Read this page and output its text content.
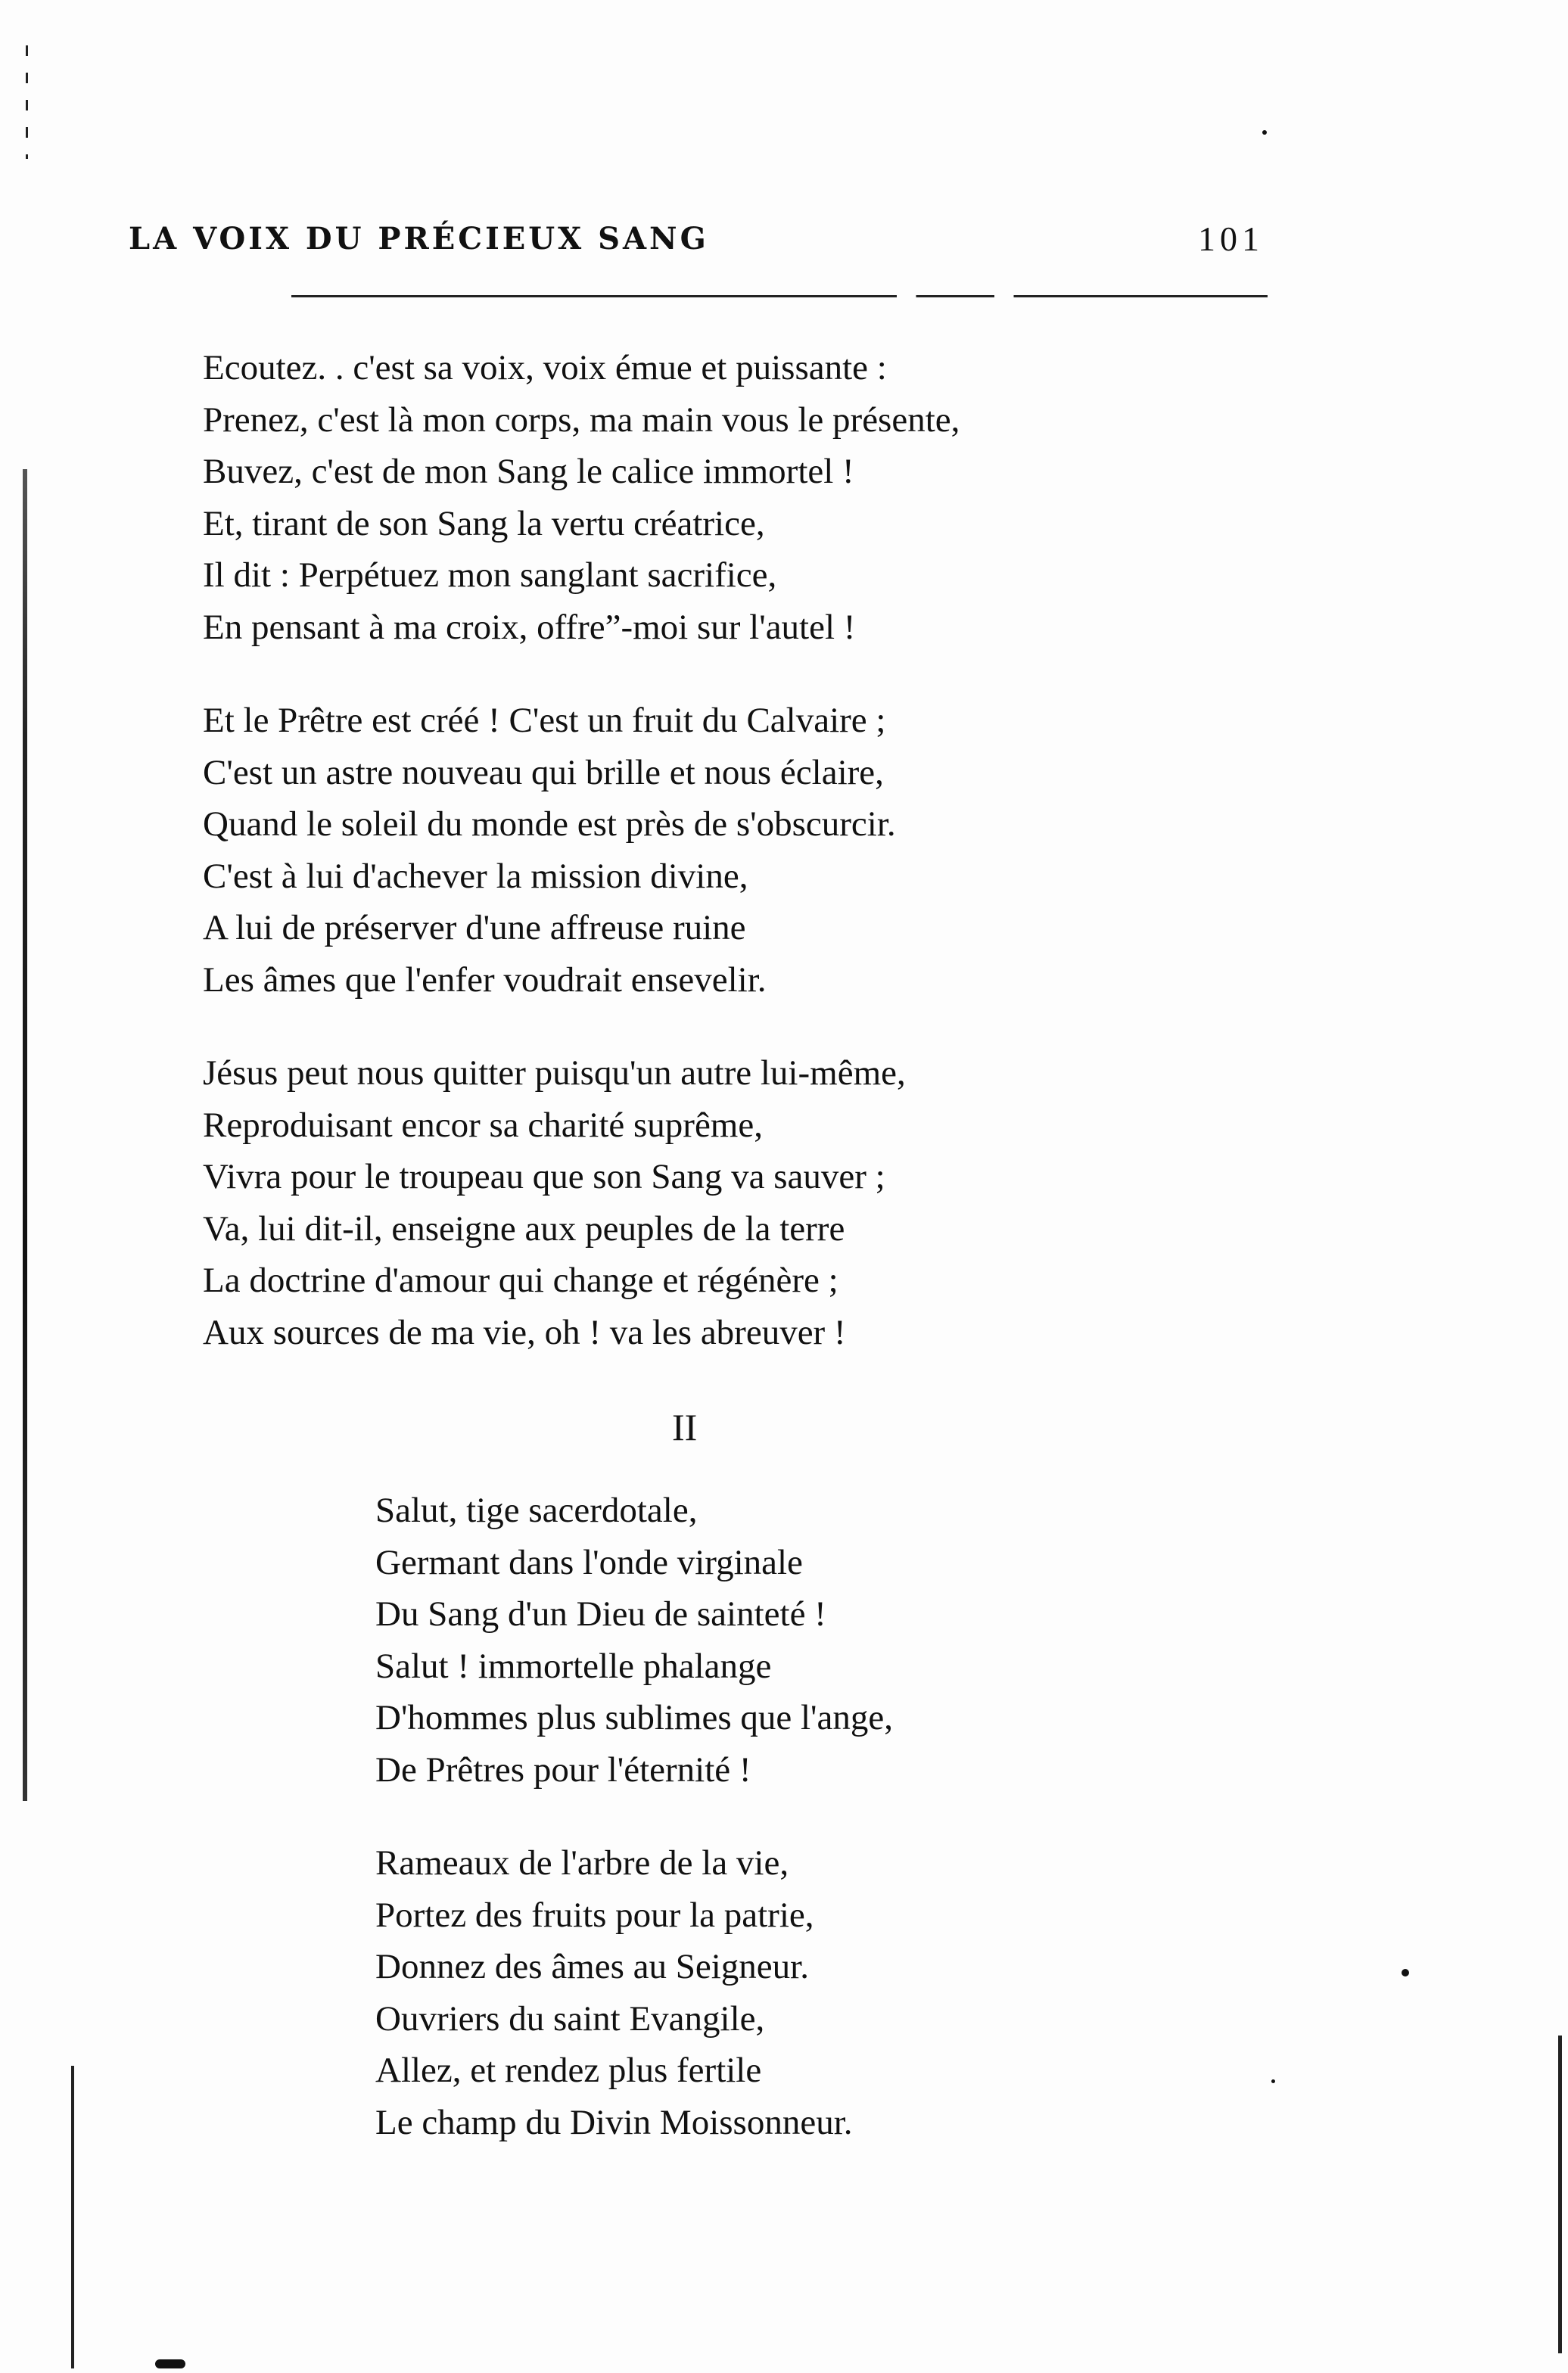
LA VOIX DU PRÉCIEUX SANG	101
Ecoutez. . c'est sa voix, voix émue et puissante :
Prenez, c'est là mon corps, ma main vous le présente,
Buvez, c'est de mon Sang le calice immortel !
Et, tirant de son Sang la vertu créatrice,
Il dit : Perpétuez mon sanglant sacrifice,
En pensant à ma croix, offreˮ-moi sur l'autel !
Et le Prêtre est créé ! C'est un fruit du Calvaire ;
C'est un astre nouveau qui brille et nous éclaire,
Quand le soleil du monde est près de s'obscurcir.
C'est à lui d'achever la mission divine,
A lui de préserver d'une affreuse ruine
Les âmes que l'enfer voudrait ensevelir.
Jésus peut nous quitter puisqu'un autre lui-même,
Reproduisant encor sa charité suprême,
Vivra pour le troupeau que son Sang va sauver ;
Va, lui dit-il, enseigne aux peuples de la terre
La doctrine d'amour qui change et régénère ;
Aux sources de ma vie, oh ! va les abreuver !
II
Salut, tige sacerdotale,
Germant dans l'onde virginale
Du Sang d'un Dieu de sainteté !
Salut ! immortelle phalange
D'hommes plus sublimes que l'ange,
De Prêtres pour l'éternité !
Rameaux de l'arbre de la vie,
Portez des fruits pour la patrie,
Donnez des âmes au Seigneur.
Ouvriers du saint Evangile,
Allez, et rendez plus fertile
Le champ du Divin Moissonneur.
